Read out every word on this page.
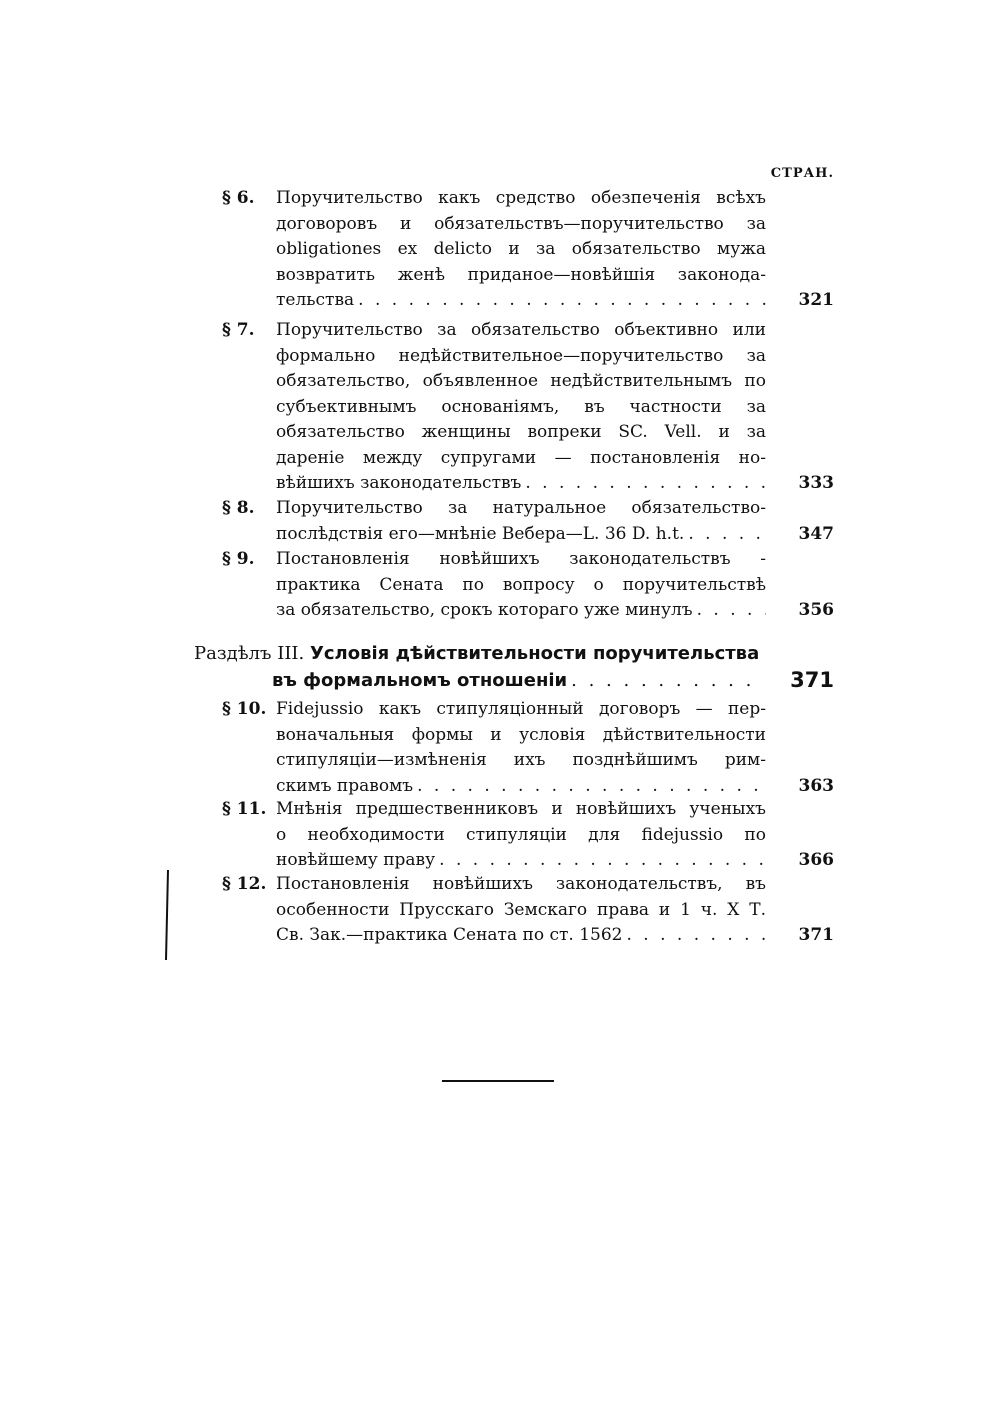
СТРАН.
§ 6. Поручительство какъ средство обезпеченія всѣхъ
договоровъ и обязательствъ—поручительство за
obligationes ex delicto и за обязательство мужа
возвратить женѣ приданое—новѣйшія законода-
тельства . . .	321
§ 7. Поручительство за обязательство объективно или
формально недѣйствительное—поручительство за
обязательство, объявленное недѣйствительнымъ по
субъективнымъ основаніямъ, въ частности за
обязательство женщины вопреки SC. Vell. и за
дареніе между супругами — постановленія но-
вѣйшихъ законодательствъ . . .	333
§ 8. Поручительство за натуральное обязательство-
послѣдствія его—мнѣніе Вебера—L. 36 D. h.t. . . .	347
§ 9. Постановленія новѣйшихъ законодательствъ -
практика Сената по вопросу о поручительствѣ
за обязательство, срокъ котораго уже минулъ . . .	356
Раздѣлъ III. Условія дѣйствительности поручительства
въ формальномъ отношеніи . . .	371
§ 10. Fidejussio какъ стипуляціонный договоръ — пер-
воначальныя формы и условія дѣйствительности
стипуляціи—измѣненія ихъ позднѣйшимъ рим-
скимъ правомъ . . .	363
§ 11. Мнѣнія предшественниковъ и новѣйшихъ ученыхъ
о необходимости стипуляціи для fidejussio по
новѣйшему праву . . .	366
§ 12. Постановленія новѣйшихъ законодательствъ, въ
особенности Прусскаго Земскаго права и 1 ч. X Т.
Св. Зак.—практика Сената по ст. 1562 . . .	371
